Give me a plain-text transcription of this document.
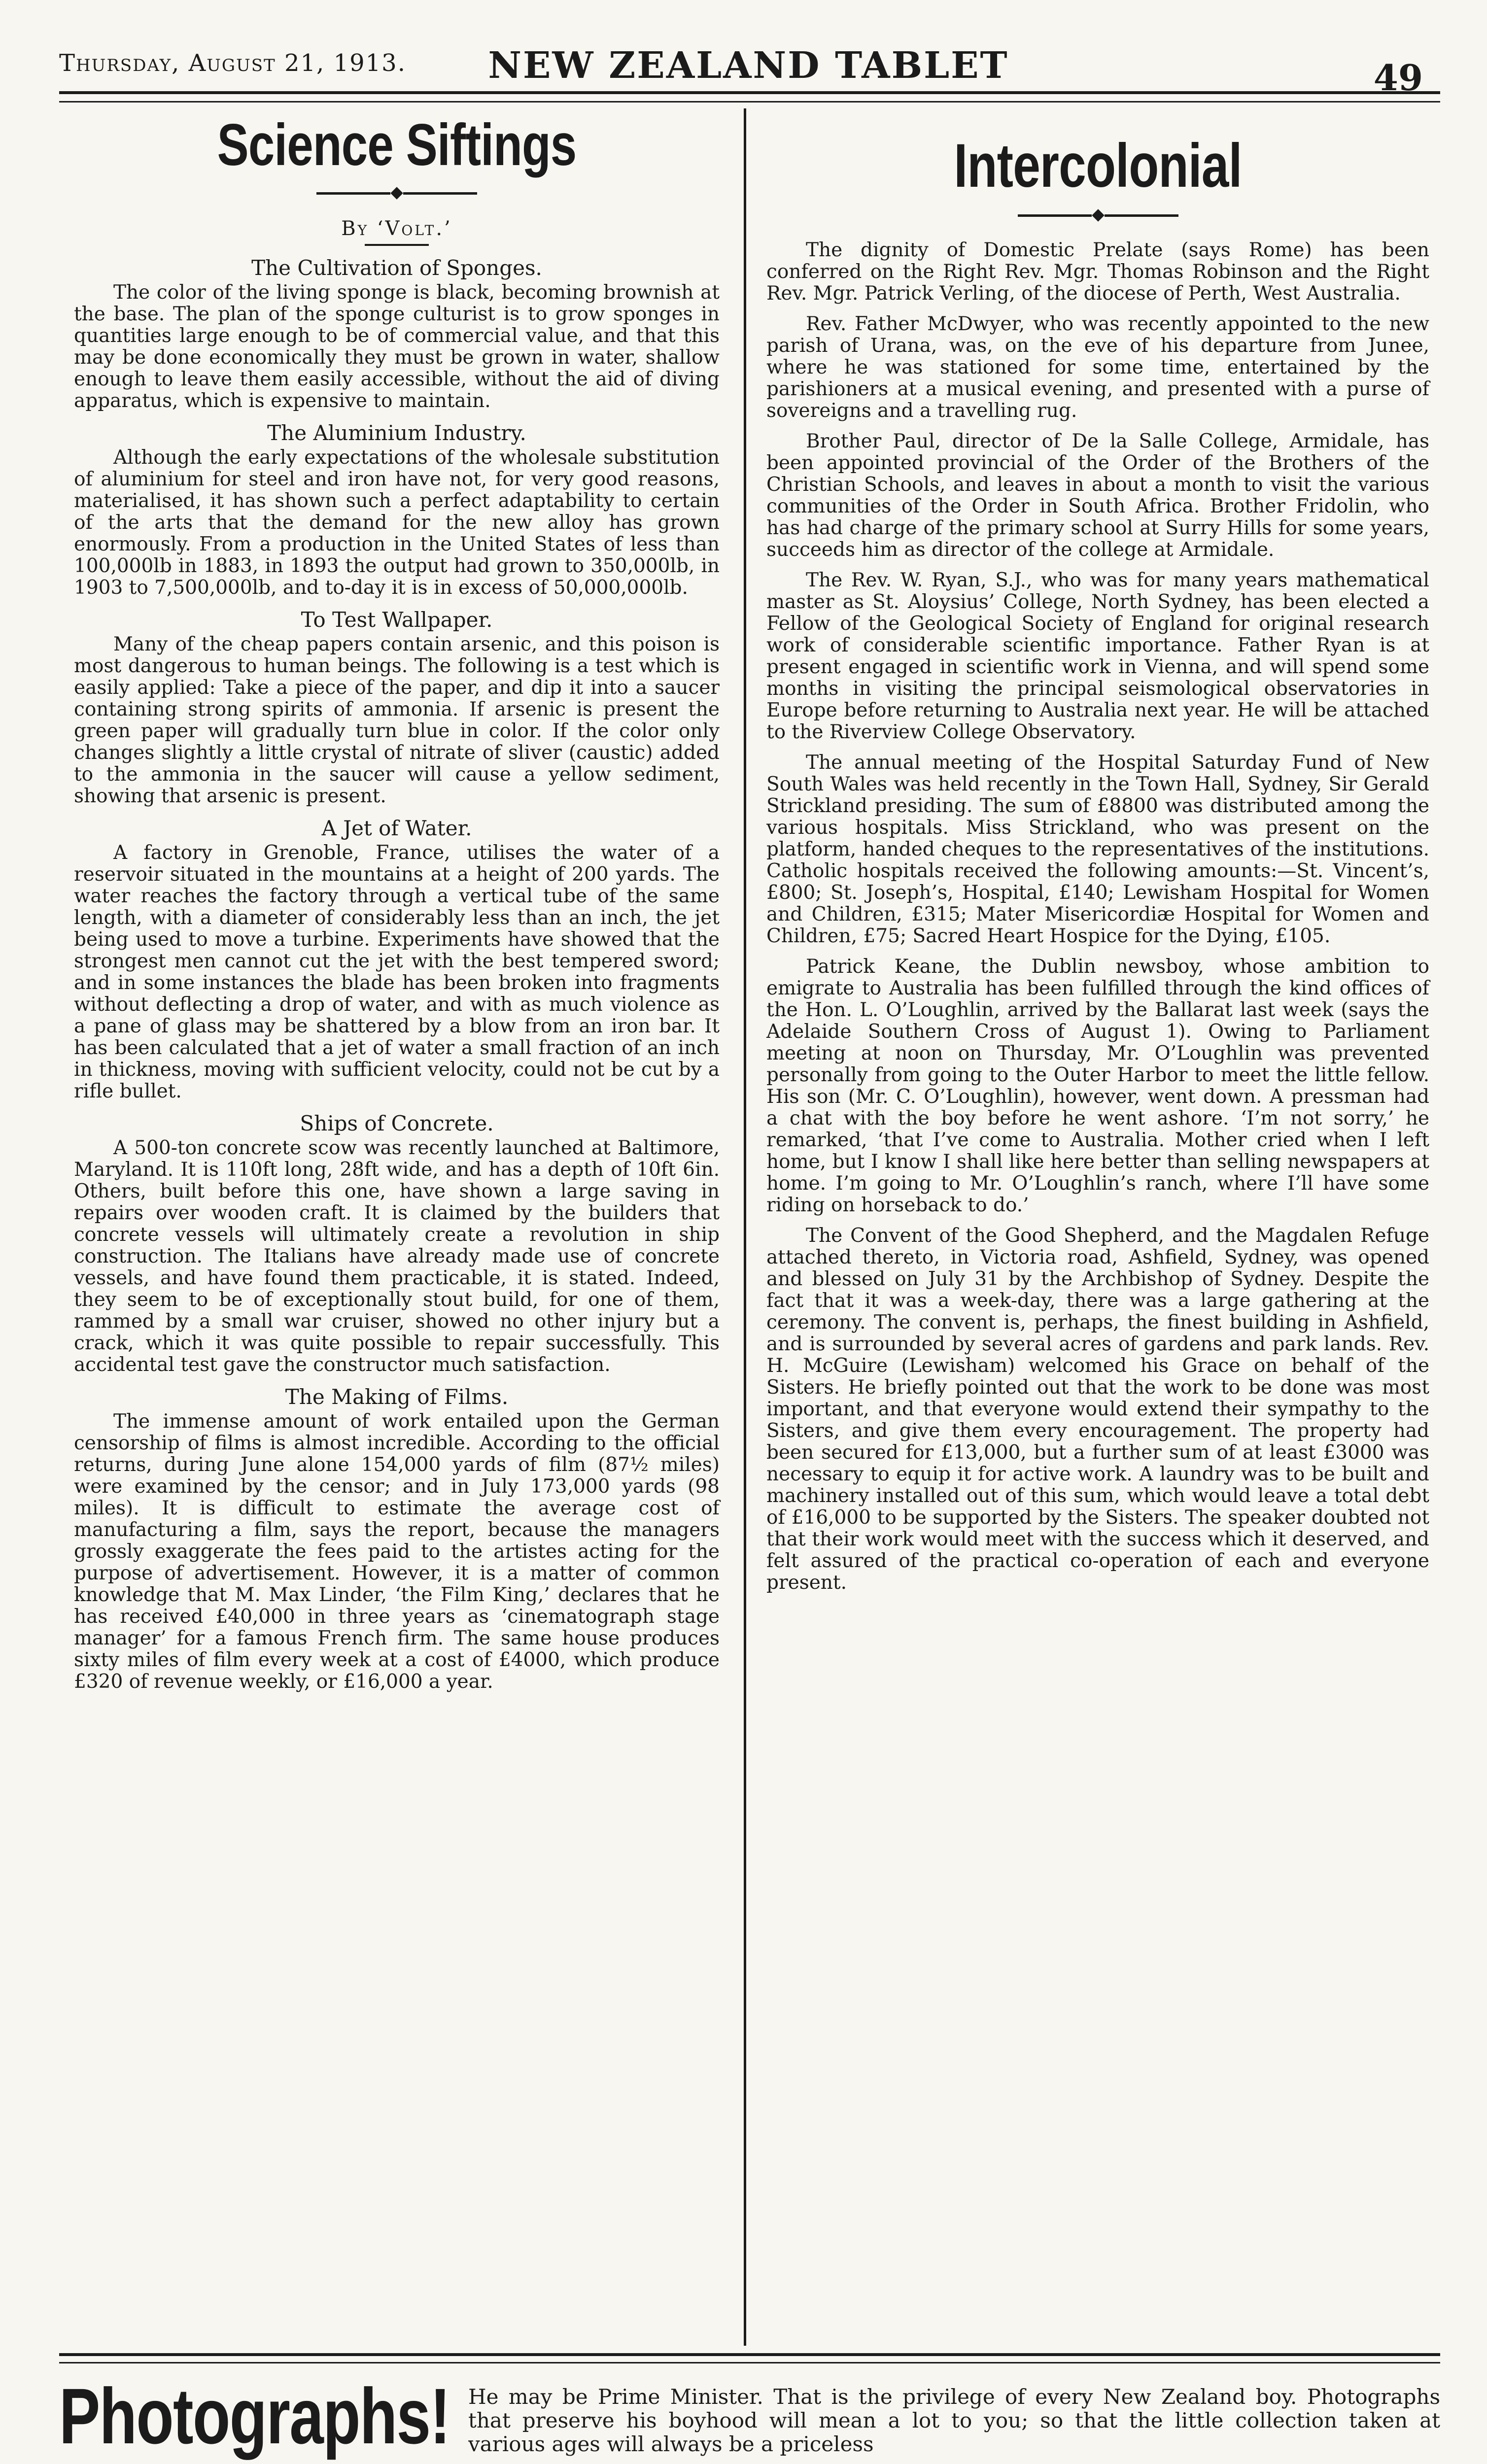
Thursday, August 21, 1913.	NEW ZEALAND TABLET	49
Science Siftings
By ‘Volt.’
The Cultivation of Sponges.

The color of the living sponge is black, becoming brownish at the base. The plan of the sponge culturist is to grow sponges in quantities large enough to be of commercial value, and that this may be done economically they must be grown in water, shallow enough to leave them easily accessible, without the aid of diving apparatus, which is expensive to maintain.

The Aluminium Industry.

Although the early expectations of the wholesale substitution of aluminium for steel and iron have not, for very good reasons, materialised, it has shown such a perfect adaptability to certain of the arts that the demand for the new alloy has grown enormously. From a production in the United States of less than 100,000lb in 1883, in 1893 the output had grown to 350,000lb, in 1903 to 7,500,000lb, and to-day it is in excess of 50,000,000lb.

To Test Wallpaper.

Many of the cheap papers contain arsenic, and this poison is most dangerous to human beings. The following is a test which is easily applied: Take a piece of the paper, and dip it into a saucer containing strong spirits of ammonia. If arsenic is present the green paper will gradually turn blue in color. If the color only changes slightly a little crystal of nitrate of sliver (caustic) added to the ammonia in the saucer will cause a yellow sediment, showing that arsenic is present.

A Jet of Water.

A factory in Grenoble, France, utilises the water of a reservoir situated in the mountains at a height of 200 yards. The water reaches the factory through a vertical tube of the same length, with a diameter of considerably less than an inch, the jet being used to move a turbine. Experiments have showed that the strongest men cannot cut the jet with the best tempered sword; and in some instances the blade has been broken into fragments without deflecting a drop of water, and with as much violence as a pane of glass may be shattered by a blow from an iron bar. It has been calculated that a jet of water a small fraction of an inch in thickness, moving with sufficient velocity, could not be cut by a rifle bullet.

Ships of Concrete.

A 500-ton concrete scow was recently launched at Baltimore, Maryland. It is 110ft long, 28ft wide, and has a depth of 10ft 6in. Others, built before this one, have shown a large saving in repairs over wooden craft. It is claimed by the builders that concrete vessels will ultimately create a revolution in ship construction. The Italians have already made use of concrete vessels, and have found them practicable, it is stated. Indeed, they seem to be of exceptionally stout build, for one of them, rammed by a small war cruiser, showed no other injury but a crack, which it was quite possible to repair successfully. This accidental test gave the constructor much satisfaction.

The Making of Films.

The immense amount of work entailed upon the German censorship of films is almost incredible. According to the official returns, during June alone 154,000 yards of film (87½ miles) were examined by the censor; and in July 173,000 yards (98 miles). It is difficult to estimate the average cost of manufacturing a film, says the report, because the managers grossly exaggerate the fees paid to the artistes acting for the purpose of advertisement. However, it is a matter of common knowledge that M. Max Linder, ‘the Film King,’ declares that he has received £40,000 in three years as ‘cinematograph stage manager’ for a famous French firm. The same house produces sixty miles of film every week at a cost of £4000, which produce £320 of revenue weekly, or £16,000 a year.

Intercolonial

The dignity of Domestic Prelate (says Rome) has been conferred on the Right Rev. Mgr. Thomas Robinson and the Right Rev. Mgr. Patrick Verling, of the diocese of Perth, West Australia.

Rev. Father McDwyer, who was recently appointed to the new parish of Urana, was, on the eve of his departure from Junee, where he was stationed for some time, entertained by the parishioners at a musical evening, and presented with a purse of sovereigns and a travelling rug.

Brother Paul, director of De la Salle College, Armidale, has been appointed provincial of the Order of the Brothers of the Christian Schools, and leaves in about a month to visit the various communities of the Order in South Africa. Brother Fridolin, who has had charge of the primary school at Surry Hills for some years, succeeds him as director of the college at Armidale.

The Rev. W. Ryan, S.J., who was for many years mathematical master as St. Aloysius’ College, North Sydney, has been elected a Fellow of the Geological Society of England for original research work of considerable scientific importance. Father Ryan is at present engaged in scientific work in Vienna, and will spend some months in visiting the principal seismological observatories in Europe before returning to Australia next year. He will be attached to the Riverview College Observatory.

The annual meeting of the Hospital Saturday Fund of New South Wales was held recently in the Town Hall, Sydney, Sir Gerald Strickland presiding. The sum of £8800 was distributed among the various hospitals. Miss Strickland, who was present on the platform, handed cheques to the representatives of the institutions. Catholic hospitals received the following amounts:—St. Vincent’s, £800; St. Joseph’s, Hospital, £140; Lewisham Hospital for Women and Children, £315; Mater Misericordiæ Hospital for Women and Children, £75; Sacred Heart Hospice for the Dying, £105.

Patrick Keane, the Dublin newsboy, whose ambition to emigrate to Australia has been fulfilled through the kind offices of the Hon. L. O’Loughlin, arrived by the Ballarat last week (says the Adelaide Southern Cross of August 1). Owing to Parliament meeting at noon on Thursday, Mr. O’Loughlin was prevented personally from going to the Outer Harbor to meet the little fellow. His son (Mr. C. O’Loughlin), however, went down. A pressman had a chat with the boy before he went ashore. ‘I’m not sorry,’ he remarked, ‘that I’ve come to Australia. Mother cried when I left home, but I know I shall like here better than selling newspapers at home. I’m going to Mr. O’Loughlin’s ranch, where I’ll have some riding on horseback to do.’

The Convent of the Good Shepherd, and the Magdalen Refuge attached thereto, in Victoria road, Ashfield, Sydney, was opened and blessed on July 31 by the Archbishop of Sydney. Despite the fact that it was a week-day, there was a large gathering at the ceremony. The convent is, perhaps, the finest building in Ashfield, and is surrounded by several acres of gardens and park lands. Rev. H. McGuire (Lewisham) welcomed his Grace on behalf of the Sisters. He briefly pointed out that the work to be done was most important, and that everyone would extend their sympathy to the Sisters, and give them every encouragement. The property had been secured for £13,000, but a further sum of at least £3000 was necessary to equip it for active work. A laundry was to be built and machinery installed out of this sum, which would leave a total debt of £16,000 to be supported by the Sisters. The speaker doubted not that their work would meet with the success which it deserved, and felt assured of the practical co-operation of each and everyone present.

Photographs! He may be Prime Minister. That is the privilege of every New Zealand boy. Photographs that preserve his boyhood will mean a lot to you; so that the little collection taken at various ages will always be a priceless
